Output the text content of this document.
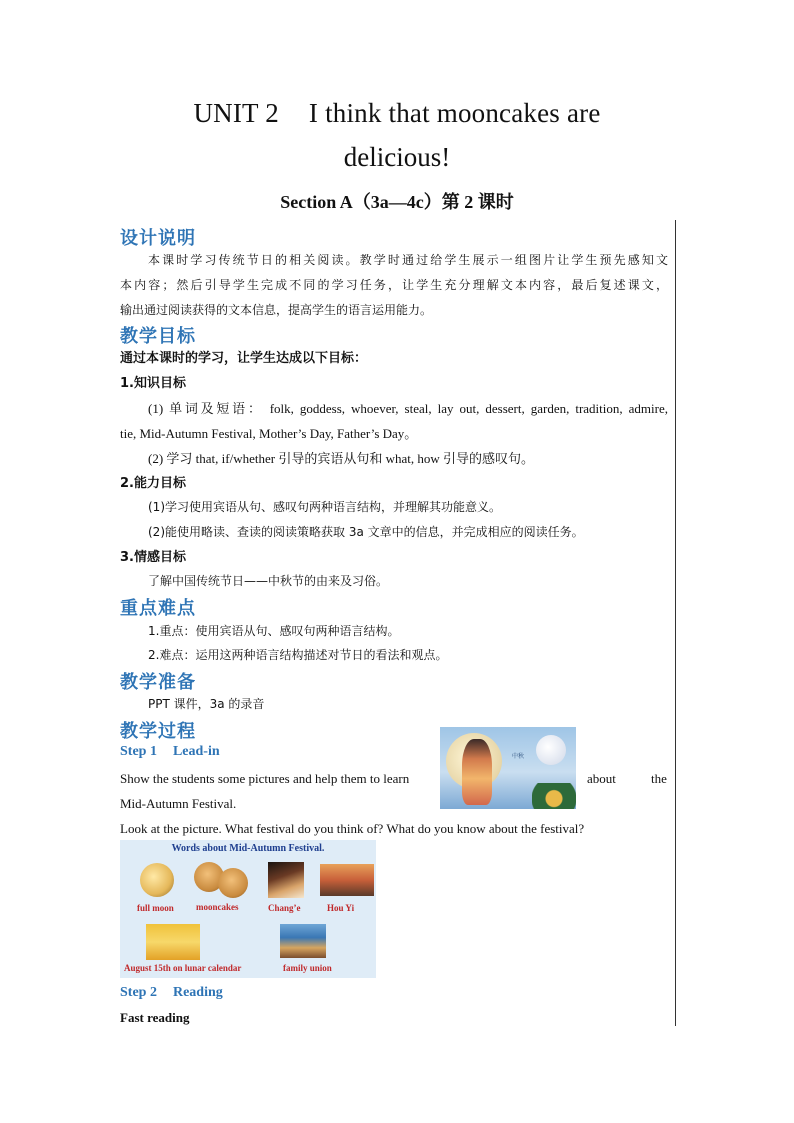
UNIT 2 I think that mooncakes are
delicious!
Section A（3a—4c）第 2 课时
设计说明
本课时学习传统节日的相关阅读。教学时通过给学生展示一组图片让学生预先感知文
本内容；然后引导学生完成不同的学习任务，让学生充分理解文本内容，最后复述课文，
输出通过阅读获得的文本信息，提高学生的语言运用能力。
教学目标
通过本课时的学习，让学生达成以下目标：
1.知识目标
(1) 单词及短语： folk, goddess, whoever, steal, lay out, dessert, garden, tradition, admire,
tie, Mid-Autumn Festival, Mother’s Day, Father’s Day。
(2) 学习 that, if/whether 引导的宾语从句和 what, how 引导的感叹句。
2.能力目标
(1)学习使用宾语从句、感叹句两种语言结构，并理解其功能意义。
(2)能使用略读、查读的阅读策略获取 3a 文章中的信息，并完成相应的阅读任务。
3.情感目标
了解中国传统节日——中秋节的由来及习俗。
重点难点
1.重点：使用宾语从句、感叹句两种语言结构。
2.难点：运用这两种语言结构描述对节日的看法和观点。
教学准备
PPT 课件，3a 的录音
教学过程
Step 1 Lead-in
Show the students some pictures and help them to learn	about	the
Mid-Autumn Festival.
中秋
Look at the picture. What festival do you think of? What do you know about the festival?
Words about Mid-Autumn Festival.
full moon mooncakes	Chang’e	Hou Yi
August 15th on lunar calendar	family union
Step 2 Reading
Fast reading
